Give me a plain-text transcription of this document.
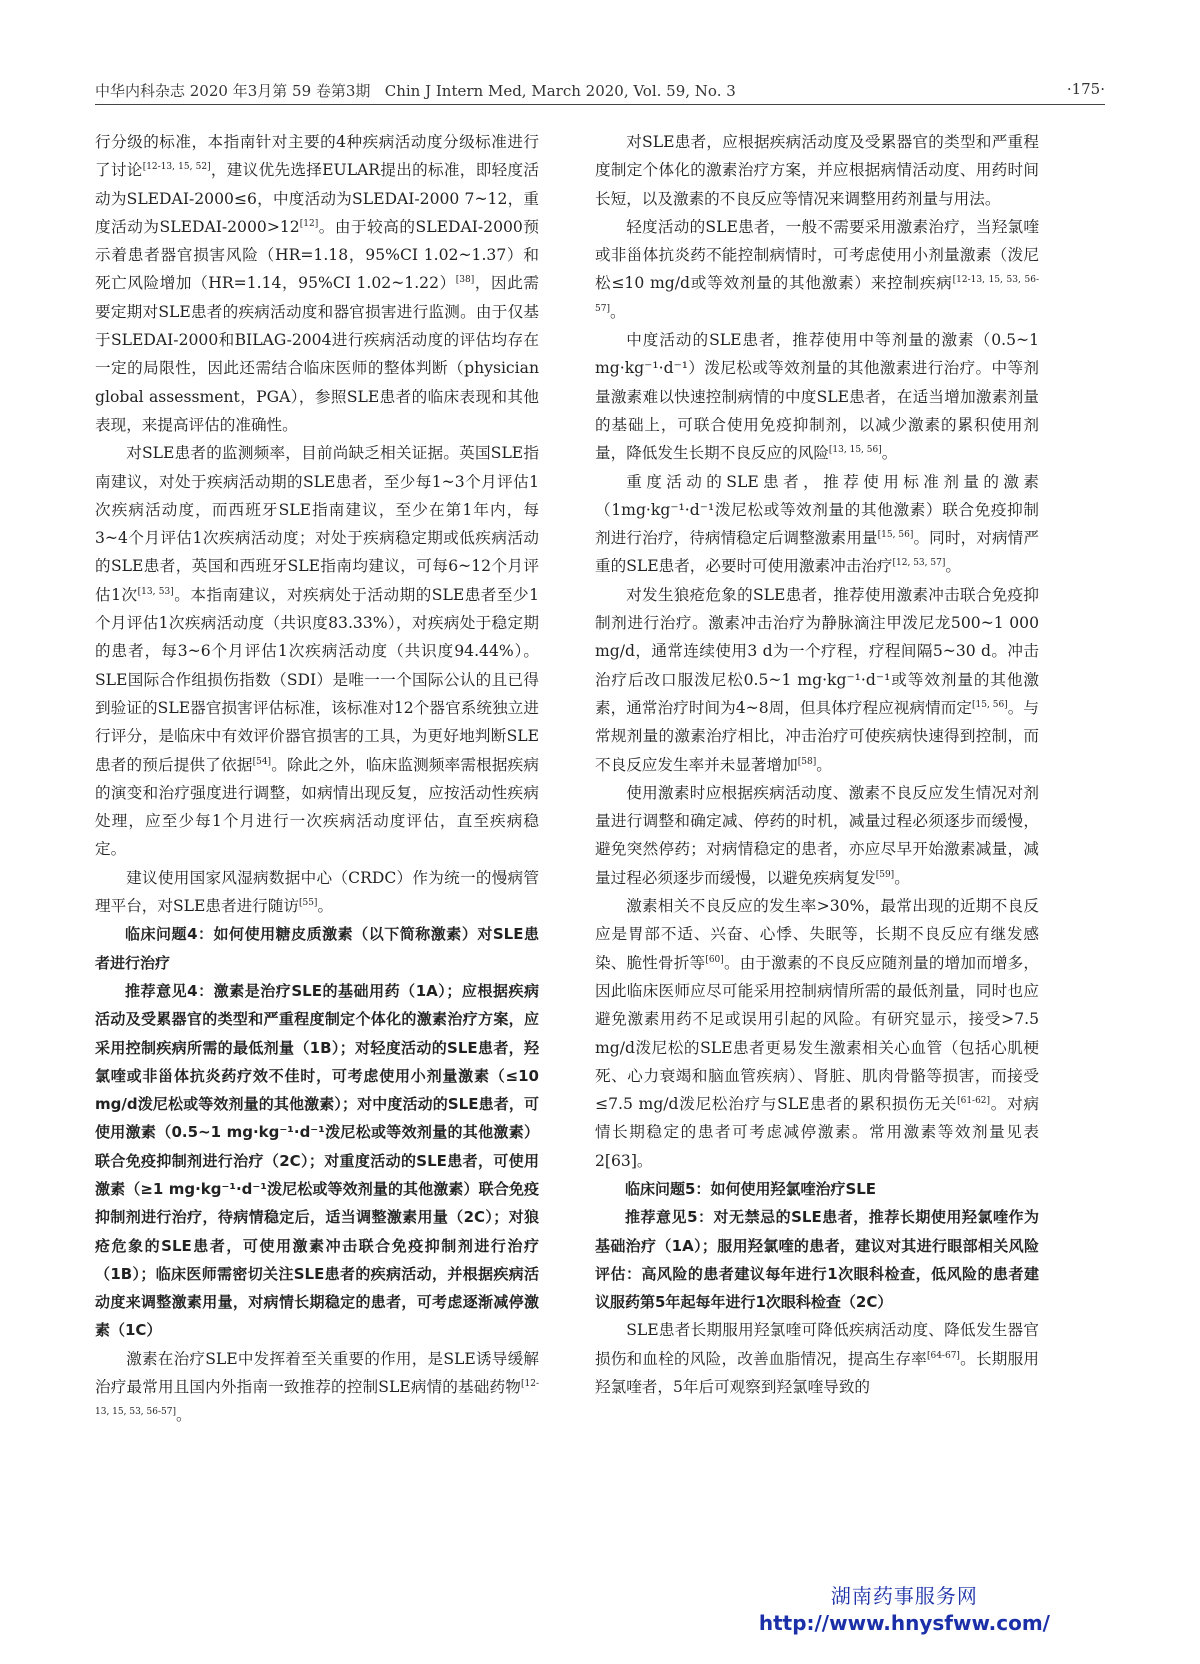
中华内科杂志 2020 年3月第 59 卷第3期 Chin J Intern Med, March 2020, Vol. 59, No. 3	·175·

行分级的标准，本指南针对主要的4种疾病活动度分级标准进行了讨论[12-13, 15, 52]，建议优先选择EULAR提出的标准，即轻度活动为SLEDAI-2000≤6，中度活动为SLEDAI-2000 7~12，重度活动为SLEDAI-2000>12[12]。由于较高的SLEDAI-2000预示着患者器官损害风险（HR=1.18，95%CI 1.02~1.37）和死亡风险增加（HR=1.14，95%CI 1.02~1.22）[38]，因此需要定期对SLE患者的疾病活动度和器官损害进行监测。由于仅基于SLEDAI-2000和BILAG-2004进行疾病活动度的评估均存在一定的局限性，因此还需结合临床医师的整体判断（physician global assessment，PGA），参照SLE患者的临床表现和其他表现，来提高评估的准确性。

对SLE患者的监测频率，目前尚缺乏相关证据。英国SLE指南建议，对处于疾病活动期的SLE患者，至少每1~3个月评估1次疾病活动度，而西班牙SLE指南建议，至少在第1年内，每3~4个月评估1次疾病活动度；对处于疾病稳定期或低疾病活动的SLE患者，英国和西班牙SLE指南均建议，可每6~12个月评估1次[13, 53]。本指南建议，对疾病处于活动期的SLE患者至少1个月评估1次疾病活动度（共识度83.33%），对疾病处于稳定期的患者，每3~6个月评估1次疾病活动度（共识度94.44%）。SLE国际合作组损伤指数（SDI）是唯一一个国际公认的且已得到验证的SLE器官损害评估标准，该标准对12个器官系统独立进行评分，是临床中有效评价器官损害的工具，为更好地判断SLE患者的预后提供了依据[54]。除此之外，临床监测频率需根据疾病的演变和治疗强度进行调整，如病情出现反复，应按活动性疾病处理，应至少每1个月进行一次疾病活动度评估，直至疾病稳定。

建议使用国家风湿病数据中心（CRDC）作为统一的慢病管理平台，对SLE患者进行随访[55]。

临床问题4：如何使用糖皮质激素（以下简称激素）对SLE患者进行治疗

推荐意见4：激素是治疗SLE的基础用药（1A）；应根据疾病活动及受累器官的类型和严重程度制定个体化的激素治疗方案，应采用控制疾病所需的最低剂量（1B）；对轻度活动的SLE患者，羟氯喹或非甾体抗炎药疗效不佳时，可考虑使用小剂量激素（≤10 mg/d泼尼松或等效剂量的其他激素）；对中度活动的SLE患者，可使用激素（0.5~1 mg·kg⁻¹·d⁻¹泼尼松或等效剂量的其他激素）联合免疫抑制剂进行治疗（2C）；对重度活动的SLE患者，可使用激素（≥1 mg·kg⁻¹·d⁻¹泼尼松或等效剂量的其他激素）联合免疫抑制剂进行治疗，待病情稳定后，适当调整激素用量（2C）；对狼疮危象的SLE患者，可使用激素冲击联合免疫抑制剂进行治疗（1B）；临床医师需密切关注SLE患者的疾病活动，并根据疾病活动度来调整激素用量，对病情长期稳定的患者，可考虑逐渐减停激素（1C）

激素在治疗SLE中发挥着至关重要的作用，是SLE诱导缓解治疗最常用且国内外指南一致推荐的控制SLE病情的基础药物[12-13, 15, 53, 56-57]。

对SLE患者，应根据疾病活动度及受累器官的类型和严重程度制定个体化的激素治疗方案，并应根据病情活动度、用药时间长短，以及激素的不良反应等情况来调整用药剂量与用法。

轻度活动的SLE患者，一般不需要采用激素治疗，当羟氯喹或非甾体抗炎药不能控制病情时，可考虑使用小剂量激素（泼尼松≤10 mg/d或等效剂量的其他激素）来控制疾病[12-13, 15, 53, 56-57]。

中度活动的SLE患者，推荐使用中等剂量的激素（0.5~1 mg·kg⁻¹·d⁻¹）泼尼松或等效剂量的其他激素进行治疗。中等剂量激素难以快速控制病情的中度SLE患者，在适当增加激素剂量的基础上，可联合使用免疫抑制剂，以减少激素的累积使用剂量，降低发生长期不良反应的风险[13, 15, 56]。

重度活动的SLE患者，推荐使用标准剂量的激素（1mg·kg⁻¹·d⁻¹泼尼松或等效剂量的其他激素）联合免疫抑制剂进行治疗，待病情稳定后调整激素用量[15, 56]。同时，对病情严重的SLE患者，必要时可使用激素冲击治疗[12, 53, 57]。

对发生狼疮危象的SLE患者，推荐使用激素冲击联合免疫抑制剂进行治疗。激素冲击治疗为静脉滴注甲泼尼龙500~1 000 mg/d，通常连续使用3 d为一个疗程，疗程间隔5~30 d。冲击治疗后改口服泼尼松0.5~1 mg·kg⁻¹·d⁻¹或等效剂量的其他激素，通常治疗时间为4~8周，但具体疗程应视病情而定[15, 56]。与常规剂量的激素治疗相比，冲击治疗可使疾病快速得到控制，而不良反应发生率并未显著增加[58]。

使用激素时应根据疾病活动度、激素不良反应发生情况对剂量进行调整和确定减、停药的时机，减量过程必须逐步而缓慢，避免突然停药；对病情稳定的患者，亦应尽早开始激素减量，减量过程必须逐步而缓慢，以避免疾病复发[59]。

激素相关不良反应的发生率>30%，最常出现的近期不良反应是胃部不适、兴奋、心悸、失眠等，长期不良反应有继发感染、脆性骨折等[60]。由于激素的不良反应随剂量的增加而增多，因此临床医师应尽可能采用控制病情所需的最低剂量，同时也应避免激素用药不足或误用引起的风险。有研究显示，接受>7.5 mg/d泼尼松的SLE患者更易发生激素相关心血管（包括心肌梗死、心力衰竭和脑血管疾病）、肾脏、肌肉骨骼等损害，而接受≤7.5 mg/d泼尼松治疗与SLE患者的累积损伤无关[61-62]。对病情长期稳定的患者可考虑减停激素。常用激素等效剂量见表2[63]。

临床问题5：如何使用羟氯喹治疗SLE

推荐意见5：对无禁忌的SLE患者，推荐长期使用羟氯喹作为基础治疗（1A）；服用羟氯喹的患者，建议对其进行眼部相关风险评估：高风险的患者建议每年进行1次眼科检查，低风险的患者建议服药第5年起每年进行1次眼科检查（2C）

SLE患者长期服用羟氯喹可降低疾病活动度、降低发生器官损伤和血栓的风险，改善血脂情况，提高生存率[64-67]。长期服用羟氯喹者，5年后可观察到羟氯喹导致的

湖南药事服务网
http://www.hnysfww.com/
